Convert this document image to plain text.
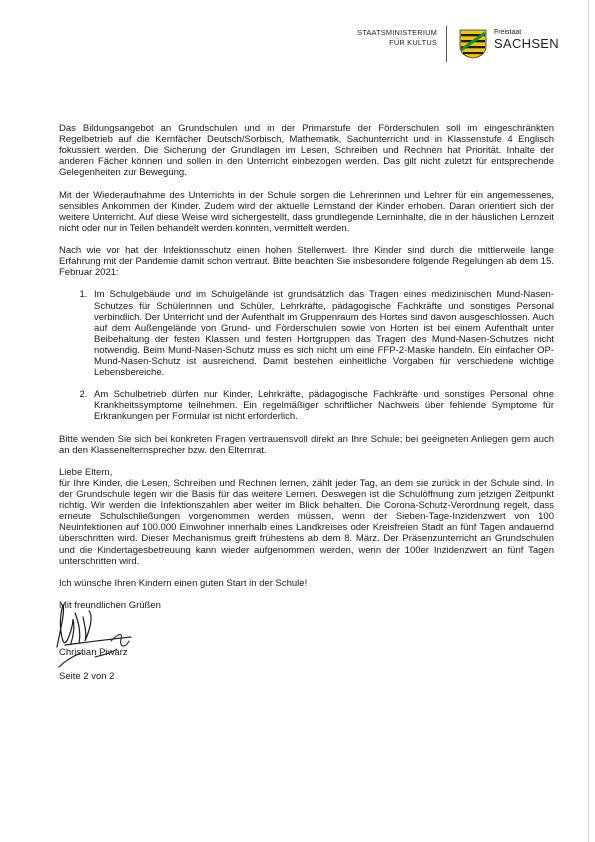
STAATSMINISTERIUM
FÜR KULTUS
Freistaat
SACHSEN

Das Bildungsangebot an Grundschulen und in der Primarstufe der Förderschulen soll im eingeschränkten Regelbetrieb auf die Kernfächer Deutsch/Sorbisch, Mathematik, Sachunterricht und in Klassenstufe 4 Englisch fokussiert werden. Die Sicherung der Grundlagen im Lesen, Schreiben und Rechnen hat Priorität. Inhalte der anderen Fächer können und sollen in den Unterricht einbezogen werden. Das gilt nicht zuletzt für entsprechende Gelegenheiten zur Bewegung.

Mit der Wiederaufnahme des Unterrichts in der Schule sorgen die Lehrerinnen und Lehrer für ein angemessenes, sensibles Ankommen der Kinder. Zudem wird der aktuelle Lernstand der Kinder erhoben. Daran orientiert sich der weitere Unterricht. Auf diese Weise wird sichergestellt, dass grundlegende Lerninhalte, die in der häuslichen Lernzeit nicht oder nur in Teilen behandelt werden konnten, vermittelt werden.

Nach wie vor hat der Infektionsschutz einen hohen Stellenwert. Ihre Kinder sind durch die mittlerweile lange Erfahrung mit der Pandemie damit schon vertraut. Bitte beachten Sie insbesondere folgende Regelungen ab dem 15. Februar 2021:

1. Im Schulgebäude und im Schulgelände ist grundsätzlich das Tragen eines medizinischen Mund-Nasen-Schutzes für Schülerinnen und Schüler, Lehrkräfte, pädagogische Fachkräfte und sonstiges Personal verbindlich. Der Unterricht und der Aufenthalt im Gruppenraum des Hortes sind davon ausgeschlossen. Auch auf dem Außengelände von Grund- und Förderschulen sowie von Horten ist bei einem Aufenthalt unter Beibehaltung der festen Klassen und festen Hortgruppen das Tragen des Mund-Nasen-Schutzes nicht notwendig. Beim Mund-Nasen-Schutz muss es sich nicht um eine FFP-2-Maske handeln. Ein einfacher OP-Mund-Nasen-Schutz ist ausreichend. Damit bestehen einheitliche Vorgaben für verschiedene wichtige Lebensbereiche.
2. Am Schulbetrieb dürfen nur Kinder, Lehrkräfte, pädagogische Fachkräfte und sonstiges Personal ohne Krankheitssymptome teilnehmen. Ein regelmäßiger schriftlicher Nachweis über fehlende Symptome für Erkrankungen per Formular ist nicht erforderlich.

Bitte wenden Sie sich bei konkreten Fragen vertrauensvoll direkt an Ihre Schule; bei geeigneten Anliegen gern auch an den Klassenelternsprecher bzw. den Elternrat.

Liebe Eltern,

für Ihre Kinder, die Lesen, Schreiben und Rechnen lernen, zählt jeder Tag, an dem sie zurück in der Schule sind. In der Grundschule legen wir die Basis für das weitere Lernen. Deswegen ist die Schulöffnung zum jetzigen Zeitpunkt richtig. Wir werden die Infektionszahlen aber weiter im Blick behalten. Die Corona-Schutz-Verordnung regelt, dass erneute Schulschließungen vorgenommen werden müssen, wenn der Sieben-Tage-Inzidenzwert von 100 Neuinfektionen auf 100.000 Einwohner innerhalb eines Landkreises oder Kreisfreien Stadt an fünf Tagen andauernd überschritten wird. Dieser Mechanismus greift frühestens ab dem 8. März. Der Präsenzunterricht an Grundschulen und die Kindertagesbetreuung kann wieder aufgenommen werden, wenn der 100er Inzidenzwert an fünf Tagen unterschritten wird.

Ich wünsche Ihren Kindern einen guten Start in der Schule!

Mit freundlichen Grüßen

Christian Piwarz
Seite 2 von 2
